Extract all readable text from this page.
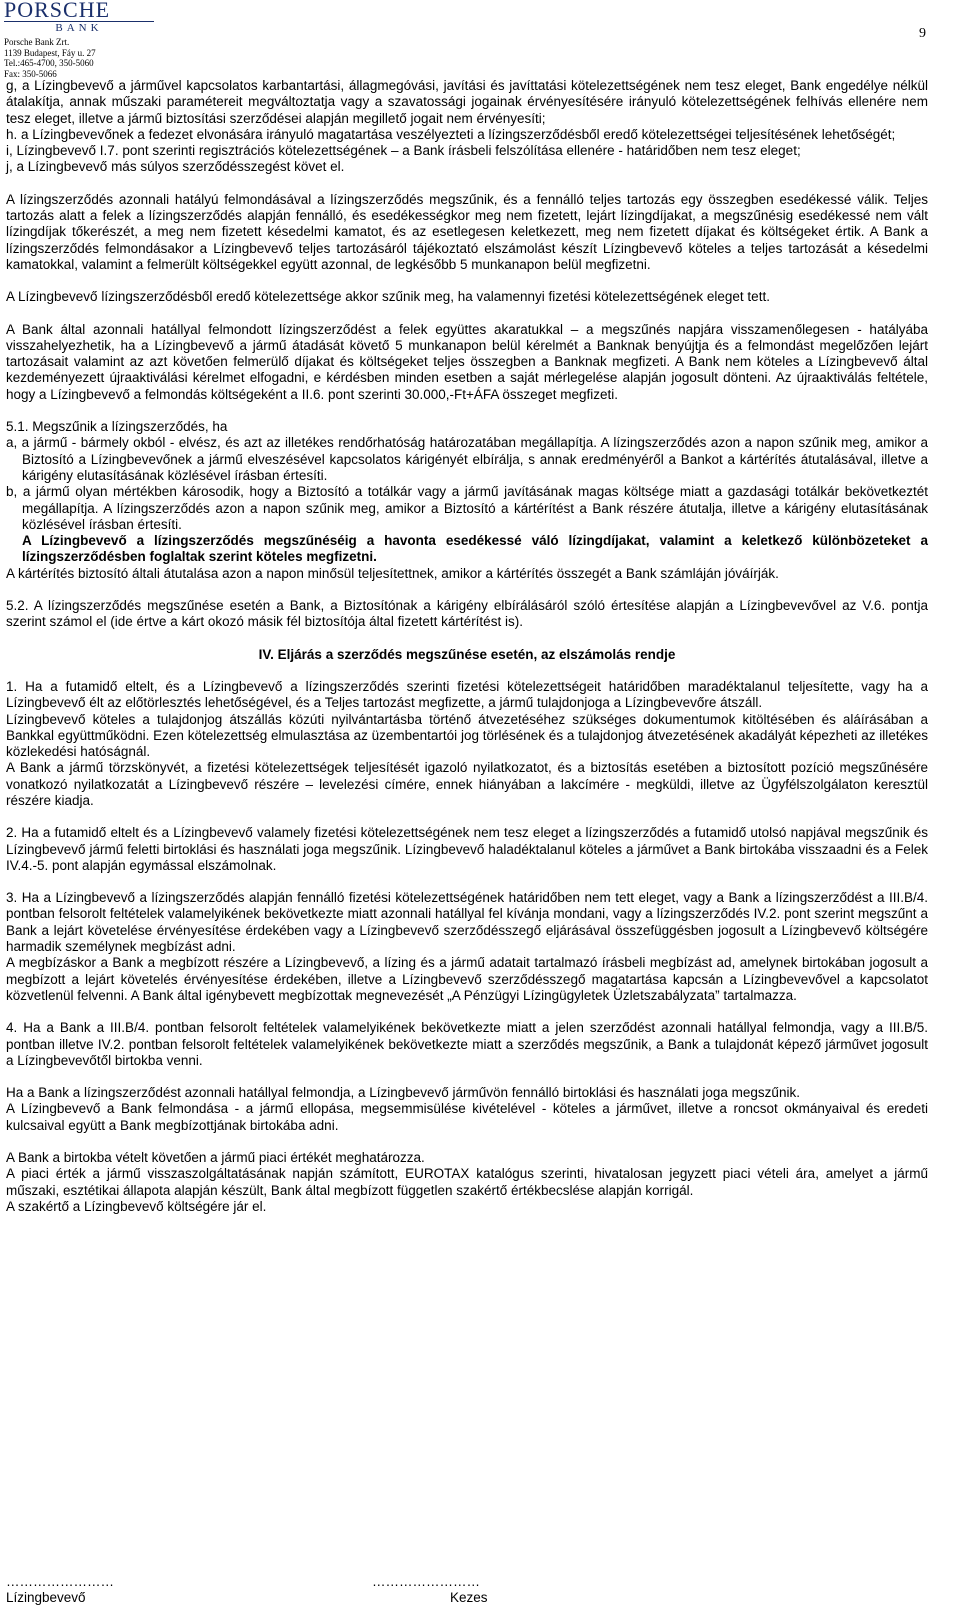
PORSCHE
BANK
Porsche Bank Zrt.
1139 Budapest, Fáy u. 27
Tel.:465-4700, 350-5060
Fax: 350-5066
9

g, a Lízingbevevő a járművel kapcsolatos karbantartási, állagmegóvási, javítási és javíttatási kötelezettségének nem tesz eleget, Bank engedélye nélkül átalakítja, annak műszaki paramétereit megváltoztatja vagy a szavatossági jogainak érvényesítésére irányuló kötelezettségének felhívás ellenére nem tesz eleget, illetve a jármű biztosítási szerződései alapján megillető jogait nem érvényesíti;

h. a Lízingbevevőnek a fedezet elvonására irányuló magatartása veszélyezteti a lízingszerződésből eredő kötelezettségei teljesítésének lehetőségét;

i, Lízingbevevő I.7. pont szerinti regisztrációs kötelezettségének – a Bank írásbeli felszólítása ellenére - határidőben nem tesz eleget;

j, a Lízingbevevő más súlyos szerződésszegést követ el.

A lízingszerződés azonnali hatályú felmondásával a lízingszerződés megszűnik, és a fennálló teljes tartozás egy összegben esedékessé válik. Teljes tartozás alatt a felek a lízingszerződés alapján fennálló, és esedékességkor meg nem fizetett, lejárt lízingdíjakat, a megszűnésig esedékessé nem vált lízingdíjak tőkerészét, a meg nem fizetett késedelmi kamatot, és az esetlegesen keletkezett, meg nem fizetett díjakat és költségeket értik. A Bank a lízingszerződés felmondásakor a Lízingbevevő teljes tartozásáról tájékoztató elszámolást készít Lízingbevevő köteles a teljes tartozását a késedelmi kamatokkal, valamint a felmerült költségekkel együtt azonnal, de legkésőbb 5 munkanapon belül megfizetni.

A Lízingbevevő lízingszerződésből eredő kötelezettsége akkor szűnik meg, ha valamennyi fizetési kötelezettségének eleget tett.

A Bank által azonnali hatállyal felmondott lízingszerződést a felek együttes akaratukkal – a megszűnés napjára visszamenőlegesen - hatályába visszahelyezhetik, ha a Lízingbevevő a jármű átadását követő 5 munkanapon belül kérelmét a Banknak benyújtja és a felmondást megelőzően lejárt tartozásait valamint az azt követően felmerülő díjakat és költségeket teljes összegben a Banknak megfizeti. A Bank nem köteles a Lízingbevevő által kezdeményezett újraaktiválási kérelmet elfogadni, e kérdésben minden esetben a saját mérlegelése alapján jogosult dönteni. Az újraaktiválás feltétele, hogy a Lízingbevevő a felmondás költségeként a II.6. pont szerinti 30.000,-Ft+ÁFA összeget megfizeti.

5.1. Megszűnik a lízingszerződés, ha

a, a jármű - bármely okból - elvész, és azt az illetékes rendőrhatóság határozatában megállapítja. A lízingszerződés azon a napon szűnik meg, amikor a Biztosító a Lízingbevevőnek a jármű elveszésével kapcsolatos kárigényét elbírálja, s annak eredményéről a Bankot a kártérítés átutalásával, illetve a kárigény elutasításának közlésével írásban értesíti.

b, a jármű olyan mértékben károsodik, hogy a Biztosító a totálkár vagy a jármű javításának magas költsége miatt a gazdasági totálkár bekövetkeztét megállapítja. A lízingszerződés azon a napon szűnik meg, amikor a Biztosító a kártérítést a Bank részére átutalja, illetve a kárigény elutasításának közlésével írásban értesíti.

A Lízingbevevő a lízingszerződés megszűnéséig a havonta esedékessé váló lízingdíjakat, valamint a keletkező különbözeteket a lízingszerződésben foglaltak szerint köteles megfizetni.

A kártérítés biztosító általi átutalása azon a napon minősül teljesítettnek, amikor a kártérítés összegét a Bank számláján jóváírják.

5.2. A lízingszerződés megszűnése esetén a Bank, a Biztosítónak a kárigény elbírálásáról szóló értesítése alapján a Lízingbevevővel az V.6. pontja szerint számol el (ide értve a kárt okozó másik fél biztosítója által fizetett kártérítést is).

IV. Eljárás a szerződés megszűnése esetén, az elszámolás rendje

1. Ha a futamidő eltelt, és a Lízingbevevő a lízingszerződés szerinti fizetési kötelezettségeit határidőben maradéktalanul teljesítette, vagy ha a Lízingbevevő élt az előtörlesztés lehetőségével, és a Teljes tartozást megfizette, a jármű tulajdonjoga a Lízingbevevőre átszáll.

Lízingbevevő köteles a tulajdonjog átszállás közúti nyilvántartásba történő átvezetéséhez szükséges dokumentumok kitöltésében és aláírásában a Bankkal együttműködni. Ezen kötelezettség elmulasztása az üzembentartói jog törlésének és a tulajdonjog átvezetésének akadályát képezheti az illetékes közlekedési hatóságnál.

A Bank a jármű törzskönyvét, a fizetési kötelezettségek teljesítését igazoló nyilatkozatot, és a biztosítás esetében a biztosított pozíció megszűnésére vonatkozó nyilatkozatát a Lízingbevevő részére – levelezési címére, ennek hiányában a lakcímére - megküldi, illetve az Ügyfélszolgálaton keresztül részére kiadja.

2. Ha a futamidő eltelt és a Lízingbevevő valamely fizetési kötelezettségének nem tesz eleget a lízingszerződés a futamidő utolsó napjával megszűnik és Lízingbevevő jármű feletti birtoklási és használati joga megszűnik. Lízingbevevő haladéktalanul köteles a járművet a Bank birtokába visszaadni és a Felek IV.4.-5. pont alapján egymással elszámolnak.

3. Ha a Lízingbevevő a lízingszerződés alapján fennálló fizetési kötelezettségének határidőben nem tett eleget, vagy a Bank a lízingszerződést a III.B/4. pontban felsorolt feltételek valamelyikének bekövetkezte miatt azonnali hatállyal fel kívánja mondani, vagy a lízingszerződés IV.2. pont szerint megszűnt a Bank a lejárt követelése érvényesítése érdekében vagy a Lízingbevevő szerződésszegő eljárásával összefüggésben jogosult a Lízingbevevő költségére harmadik személynek megbízást adni.

A megbízáskor a Bank a megbízott részére a Lízingbevevő, a lízing és a jármű adatait tartalmazó írásbeli megbízást ad, amelynek birtokában jogosult a megbízott a lejárt követelés érvényesítése érdekében, illetve a Lízingbevevő szerződésszegő magatartása kapcsán a Lízingbevevővel a kapcsolatot közvetlenül felvenni. A Bank által igénybevett megbízottak megnevezését „A Pénzügyi Lízingügyletek Üzletszabályzata” tartalmazza.

4. Ha a Bank a III.B/4. pontban felsorolt feltételek valamelyikének bekövetkezte miatt a jelen szerződést azonnali hatállyal felmondja, vagy a III.B/5. pontban illetve IV.2. pontban felsorolt feltételek valamelyikének bekövetkezte miatt a szerződés megszűnik, a Bank a tulajdonát képező járművet jogosult a Lízingbevevőtől birtokba venni.

Ha a Bank a lízingszerződést azonnali hatállyal felmondja, a Lízingbevevő járművön fennálló birtoklási és használati joga megszűnik.

A Lízingbevevő a Bank felmondása - a jármű ellopása, megsemmisülése kivételével - köteles a járművet, illetve a roncsot okmányaival és eredeti kulcsaival együtt a Bank megbízottjának birtokába adni.

A Bank a birtokba vételt követően a jármű piaci értékét meghatározza.

A piaci érték a jármű visszaszolgáltatásának napján számított, EUROTAX katalógus szerinti, hivatalosan jegyzett piaci vételi ára, amelyet a jármű műszaki, esztétikai állapota alapján készült, Bank által megbízott független szakértő értékbecslése alapján korrigál.

A szakértő a Lízingbevevő költségére jár el.

……………………
Lízingbevevő
……………………
Kezes
